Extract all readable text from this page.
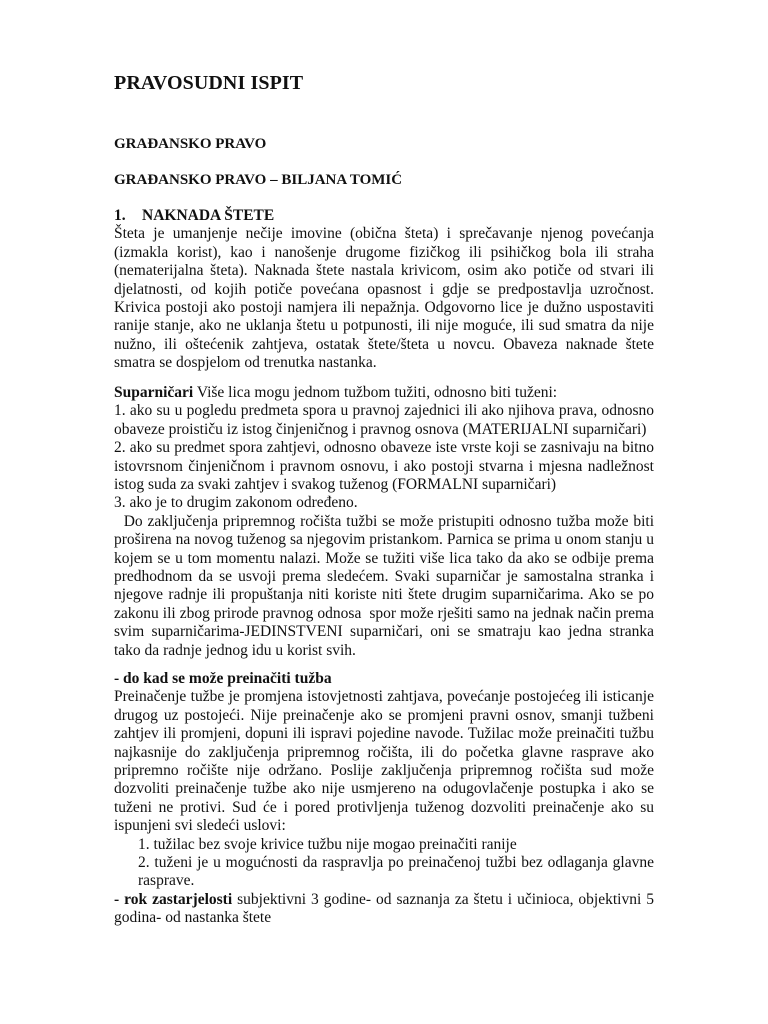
PRAVOSUDNI ISPIT
GRAĐANSKO PRAVO
GRAĐANSKO PRAVO – BILJANA TOMIĆ
1. NAKNADA ŠTETE

Šteta je umanjenje nečije imovine (obična šteta) i sprečavanje njenog povećanja (izmakla korist), kao i nanošenje drugome fizičkog ili psihičkog bola ili straha (nematerijalna šteta). Naknada štete nastala krivicom, osim ako potiče od stvari ili djelatnosti, od kojih potiče povećana opasnost i gdje se predpostavlja uzročnost. Krivica postoji ako postoji namjera ili nepažnja. Odgovorno lice je dužno uspostaviti ranije stanje, ako ne uklanja štetu u potpunosti, ili nije moguće, ili sud smatra da nije nužno, ili oštećenik zahtjeva, ostatak štete/šteta u novcu. Obaveza naknade štete smatra se dospjelom od trenutka nastanka.

Suparničari Više lica mogu jednom tužbom tužiti, odnosno biti tuženi:

1. ako su u pogledu predmeta spora u pravnoj zajednici ili ako njihova prava, odnosno obaveze proističu iz istog činjeničnog i pravnog osnova (MATERIJALNI suparničari)

2. ako su predmet spora zahtjevi, odnosno obaveze iste vrste koji se zasnivaju na bitno istovrsnom činjeničnom i pravnom osnovu, i ako postoji stvarna i mjesna nadležnost istog suda za svaki zahtjev i svakog tuženog (FORMALNI suparničari)

3. ako je to drugim zakonom određeno.

Do zaključenja pripremnog ročišta tužbi se može pristupiti odnosno tužba može biti proširena na novog tuženog sa njegovim pristankom. Parnica se prima u onom stanju u kojem se u tom momentu nalazi. Može se tužiti više lica tako da ako se odbije prema predhodnom da se usvoji prema sledećem. Svaki suparničar je samostalna stranka i njegove radnje ili propuštanja niti koriste niti štete drugim suparničarima. Ako se po zakonu ili zbog prirode pravnog odnosa  spor može rješiti samo na jednak način prema svim suparničarima-JEDINSTVENI suparničari, oni se smatraju kao jedna stranka tako da radnje jednog idu u korist svih.

- do kad se može preinačiti tužba

Preinačenje tužbe je promjena istovjetnosti zahtjava, povećanje postojećeg ili isticanje drugog uz postojeći. Nije preinačenje ako se promjeni pravni osnov, smanji tužbeni zahtjev ili promjeni, dopuni ili ispravi pojedine navode. Tužilac može preinačiti tužbu najkasnije do zaključenja pripremnog ročišta, ili do početka glavne rasprave ako pripremno ročište nije održano. Poslije zaključenja pripremnog ročišta sud može dozvoliti preinačenje tužbe ako nije usmjereno na odugovlačenje postupka i ako se tuženi ne protivi. Sud će i pored protivljenja tuženog dozvoliti preinačenje ako su ispunjeni svi sledeći uslovi:

1. tužilac bez svoje krivice tužbu nije mogao preinačiti ranije
2. tuženi je u mogućnosti da raspravlja po preinačenoj tužbi bez odlaganja glavne rasprave.
- rok zastarjelosti subjektivni 3 godine- od saznanja za štetu i učinioca, objektivni 5 godina- od nastanka štete
